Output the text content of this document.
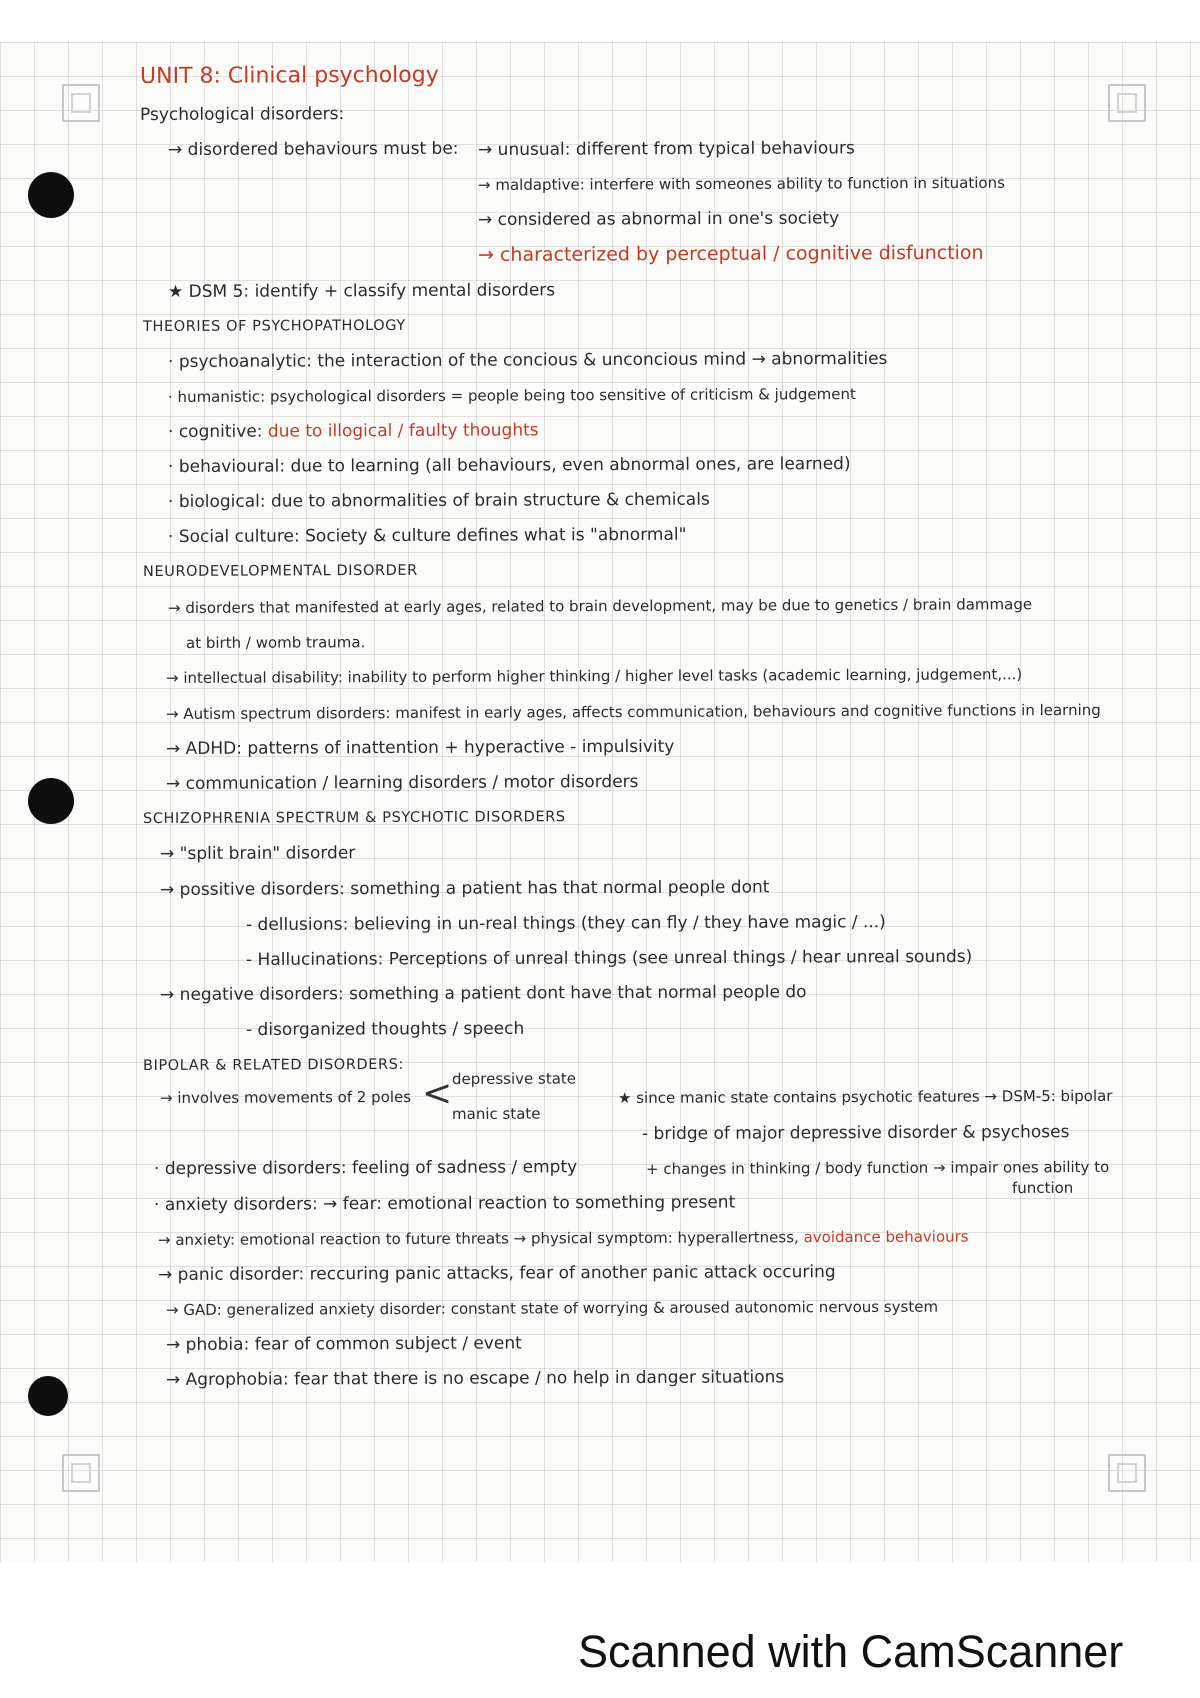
UNIT 8: Clinical psychology
Psychological disorders:
→ disordered behaviours must be: → unusual: different from typical behaviours
→ maldaptive: interfere with someones ability to function in situations
→ considered as abnormal in one's society
→ characterized by perceptual / cognitive disfunction
★ DSM 5: identify + classify mental disorders
THEORIES OF PSYCHOPATHOLOGY
· psychoanalytic: the interaction of the concious & unconcious mind → abnormalities
· humanistic: psychological disorders = people being too sensitive of criticism & judgement
· cognitive: due to illogical / faulty thoughts
· behavioural: due to learning (all behaviours, even abnormal ones, are learned)
· biological: due to abnormalities of brain structure & chemicals
· Social culture: Society & culture defines what is "abnormal"
NEURODEVELOPMENTAL DISORDER
→ disorders that manifested at early ages, related to brain development, may be due to genetics / brain dammage
at birth / womb trauma.
→ intellectual disability: inability to perform higher thinking / higher level tasks (academic learning, judgement,...)
→ Autism spectrum disorders: manifest in early ages, affects communication, behaviours and cognitive functions in learning
→ ADHD: patterns of inattention + hyperactive - impulsivity
→ communication / learning disorders / motor disorders
SCHIZOPHRENIA SPECTRUM & PSYCHOTIC DISORDERS
→ "split brain" disorder
→ possitive disorders: something a patient has that normal people dont
- dellusions: believing in un-real things (they can fly / they have magic / ...)
- Hallucinations: Perceptions of unreal things (see unreal things / hear unreal sounds)
→ negative disorders: something a patient dont have that normal people do
- disorganized thoughts / speech
BIPOLAR & RELATED DISORDERS:
→ involves movements of 2 poles < depressive state
manic state
★ since manic state contains psychotic features → DSM-5: bipolar
- bridge of major depressive disorder & psychoses
· depressive disorders: feeling of sadness / empty	+ changes in thinking / body function → impair ones ability to
function
· anxiety disorders: → fear: emotional reaction to something present
→ anxiety: emotional reaction to future threats → physical symptom: hyperallertness, avoidance behaviours
→ panic disorder: reccuring panic attacks, fear of another panic attack occuring
→ GAD: generalized anxiety disorder: constant state of worrying & aroused autonomic nervous system
→ phobia: fear of common subject / event
→ Agrophobia: fear that there is no escape / no help in danger situations
Scanned with CamScanner
